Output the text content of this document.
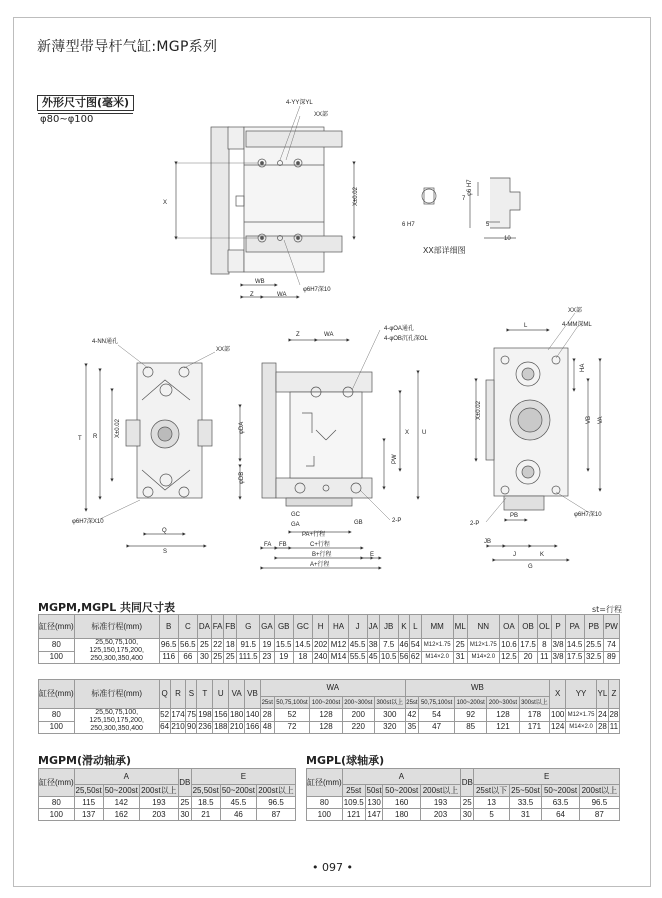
新薄型带导杆气缸:MGP系列
外形尺寸图(毫米)
φ80~φ100
4-YY深YL
XX部
X	X±0.02
WB
Z	WA
φ6H7深10
φ6 H7
7
6 H7	5
10
XX部详细图
4-NN通孔
XX部
T R	X±0.02
φ6H7深X10
Q
S
Z	WA
4-φOA通孔
4-φOB沉孔深OL
φDA
φDB
X U
PW
GC
GA	GB	2-P
FA FB
PA+行程
C+行程
B+行程
A+行程
E
L
XX部
4-MM深ML
HA
VB VA
X±0.02
PB
JB
J	K
G
2-P
φ6H7深10
MGPM,MGPL 共同尺寸表	st=行程
缸径(mm)	标准行程(mm)	B	C	DA	FA	FB	G	GA	GB	GC	H	HA	J	JA	JB	K	L	MM	ML	NN	OA	OB	OL	P	PA	PB	PW
80	25,50,75,100, 125,150,175,200, 250,300,350,400	96.5	56.5	25	22	18	91.5	19	15.5	14.5	202	M12	45.5	38	7.5	46	54	M12×1.75	25	M12×1.75	10.6	17.5	8	3/8	14.5	25.5	74
100		116	66	30	25	25	111.5	23	19	18	240	M14	55.5	45	10.5	56	62	M14×2.0	31	M14×2.0	12.5	20	11	3/8	17.5	32.5	89
缸径(mm)	标准行程(mm)	Q	R	S	T	U	VA	VB	WA					WB					X	YY	YL	Z
									25st	50,75,100st	100~200st	200~300st	300st以上	25st	50,75,100st	100~200st	200~300st	300st以上				
80	25,50,75,100, 125,150,175,200, 250,300,350,400	52	174	75	198	156	180	140	28	52	128	200	300	42	54	92	128	178	100	M12×1.75	24	28
100		64	210	90	236	188	210	166	48	72	128	220	320	35	47	85	121	171	124	M14×2.0	28	11
MGPM(滑动轴承)
缸径(mm)	A			DB	E		
	25,50st	50~200st	200st以上		25,50st	50~200st	200st以上
80	115	142	193	25	18.5	45.5	96.5
100	137	162	203	30	21	46	87
MGPL(球轴承)
缸径(mm)	A				DB	E			
	25st	50st	50~200st	200st以上		25st以下	25~50st	50~200st	200st以上
80	109.5	130	160	193	25	13	33.5	63.5	96.5
100	121	147	180	203	30	5	31	64	87
• 097 •
